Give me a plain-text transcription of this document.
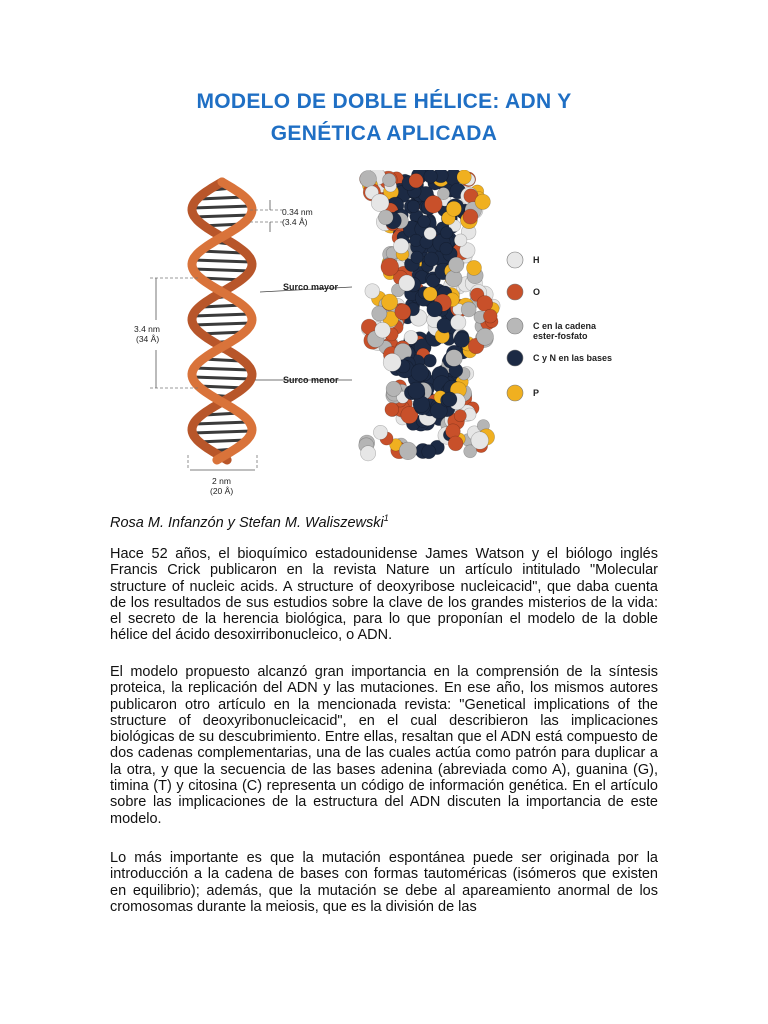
MODELO DE DOBLE HÉLICE: ADN Y
GENÉTICA APLICADA
0.34 nm
(3.4 Å)
3.4 nm
(34 Å)
Surco mayor
Surco menor
2 nm
(20 Å)
H
O
C en la cadena
ester-fosfato
C y N en las bases
P
Rosa M. Infanzón y Stefan M. Waliszewski$^1$

Hace 52 años, el bioquímico estadounidense James Watson y el biólogo inglés Francis Crick publicaron en la revista Nature un artículo intitulado "Molecular structure of nucleic acids. A structure of deoxyribose nucleicacid", que daba cuenta de los resultados de sus estudios sobre la clave de los grandes misterios de la vida: el secreto de la herencia biológica, para lo que proponían el modelo de la doble hélice del ácido desoxirribonucleico, o ADN.

El modelo propuesto alcanzó gran importancia en la comprensión de la síntesis proteica, la replicación del ADN y las mutaciones. En ese año, los mismos autores publicaron otro artículo en la mencionada revista: "Genetical implications of the structure of deoxyribonucleicacid", en el cual describieron las implicaciones biológicas de su descubrimiento. Entre ellas, resaltan que el ADN está compuesto de dos cadenas complementarias, una de las cuales actúa como patrón para duplicar a la otra, y que la secuencia de las bases adenina (abreviada como A), guanina (G), timina (T) y citosina (C) representa un código de información genética. En el artículo sobre las implicaciones de la estructura del ADN discuten la importancia de este modelo.

Lo más importante es que la mutación espontánea puede ser originada por la introducción a la cadena de bases con formas tautoméricas (isómeros que existen en equilibrio); además, que la mutación se debe al apareamiento anormal de los cromosomas durante la meiosis, que es la división de las
